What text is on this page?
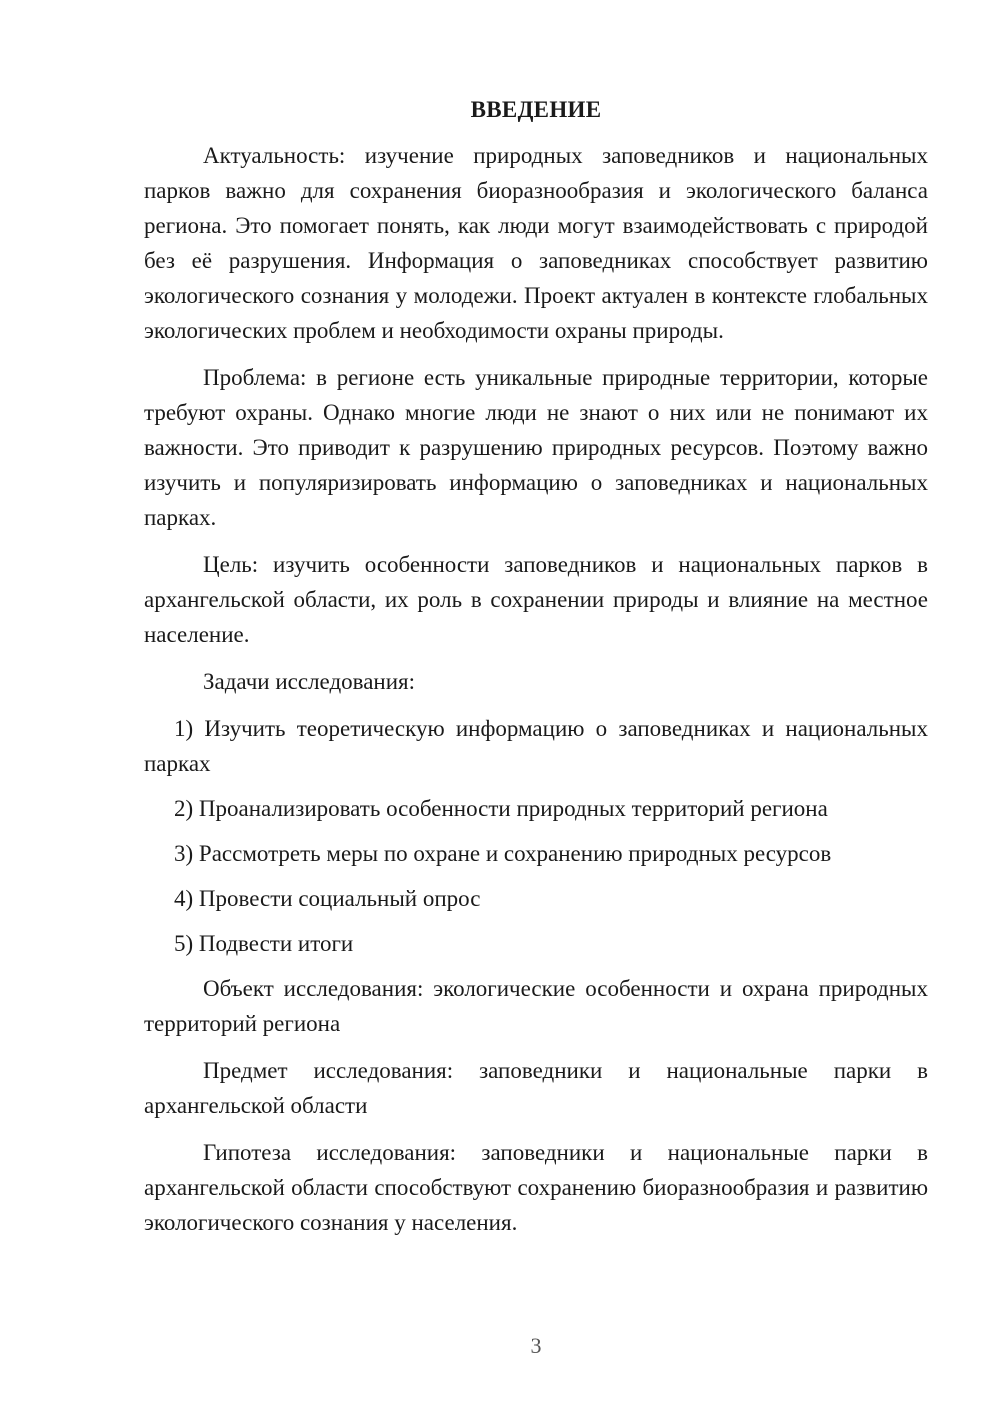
ВВЕДЕНИЕ

Актуальность: изучение природных заповедников и национальных парков важно для сохранения биоразнообразия и экологического баланса региона. Это помогает понять, как люди могут взаимодействовать с природой без её разрушения. Информация о заповедниках способствует развитию экологического сознания у молодежи. Проект актуален в контексте глобальных экологических проблем и необходимости охраны природы.

Проблема: в регионе есть уникальные природные территории, которые требуют охраны. Однако многие люди не знают о них или не понимают их важности. Это приводит к разрушению природных ресурсов. Поэтому важно изучить и популяризировать информацию о заповедниках и национальных парках.

Цель: изучить особенности заповедников и национальных парков в архангельской области, их роль в сохранении природы и влияние на местное население.

Задачи исследования:

1) Изучить теоретическую информацию о заповедниках и национальных парках

2) Проанализировать особенности природных территорий региона

3) Рассмотреть меры по охране и сохранению природных ресурсов

4) Провести социальный опрос

5) Подвести итоги

Объект исследования: экологические особенности и охрана природных территорий региона

Предмет исследования: заповедники и национальные парки в архангельской области

Гипотеза исследования: заповедники и национальные парки в архангельской области способствуют сохранению биоразнообразия и развитию экологического сознания у населения.

3
